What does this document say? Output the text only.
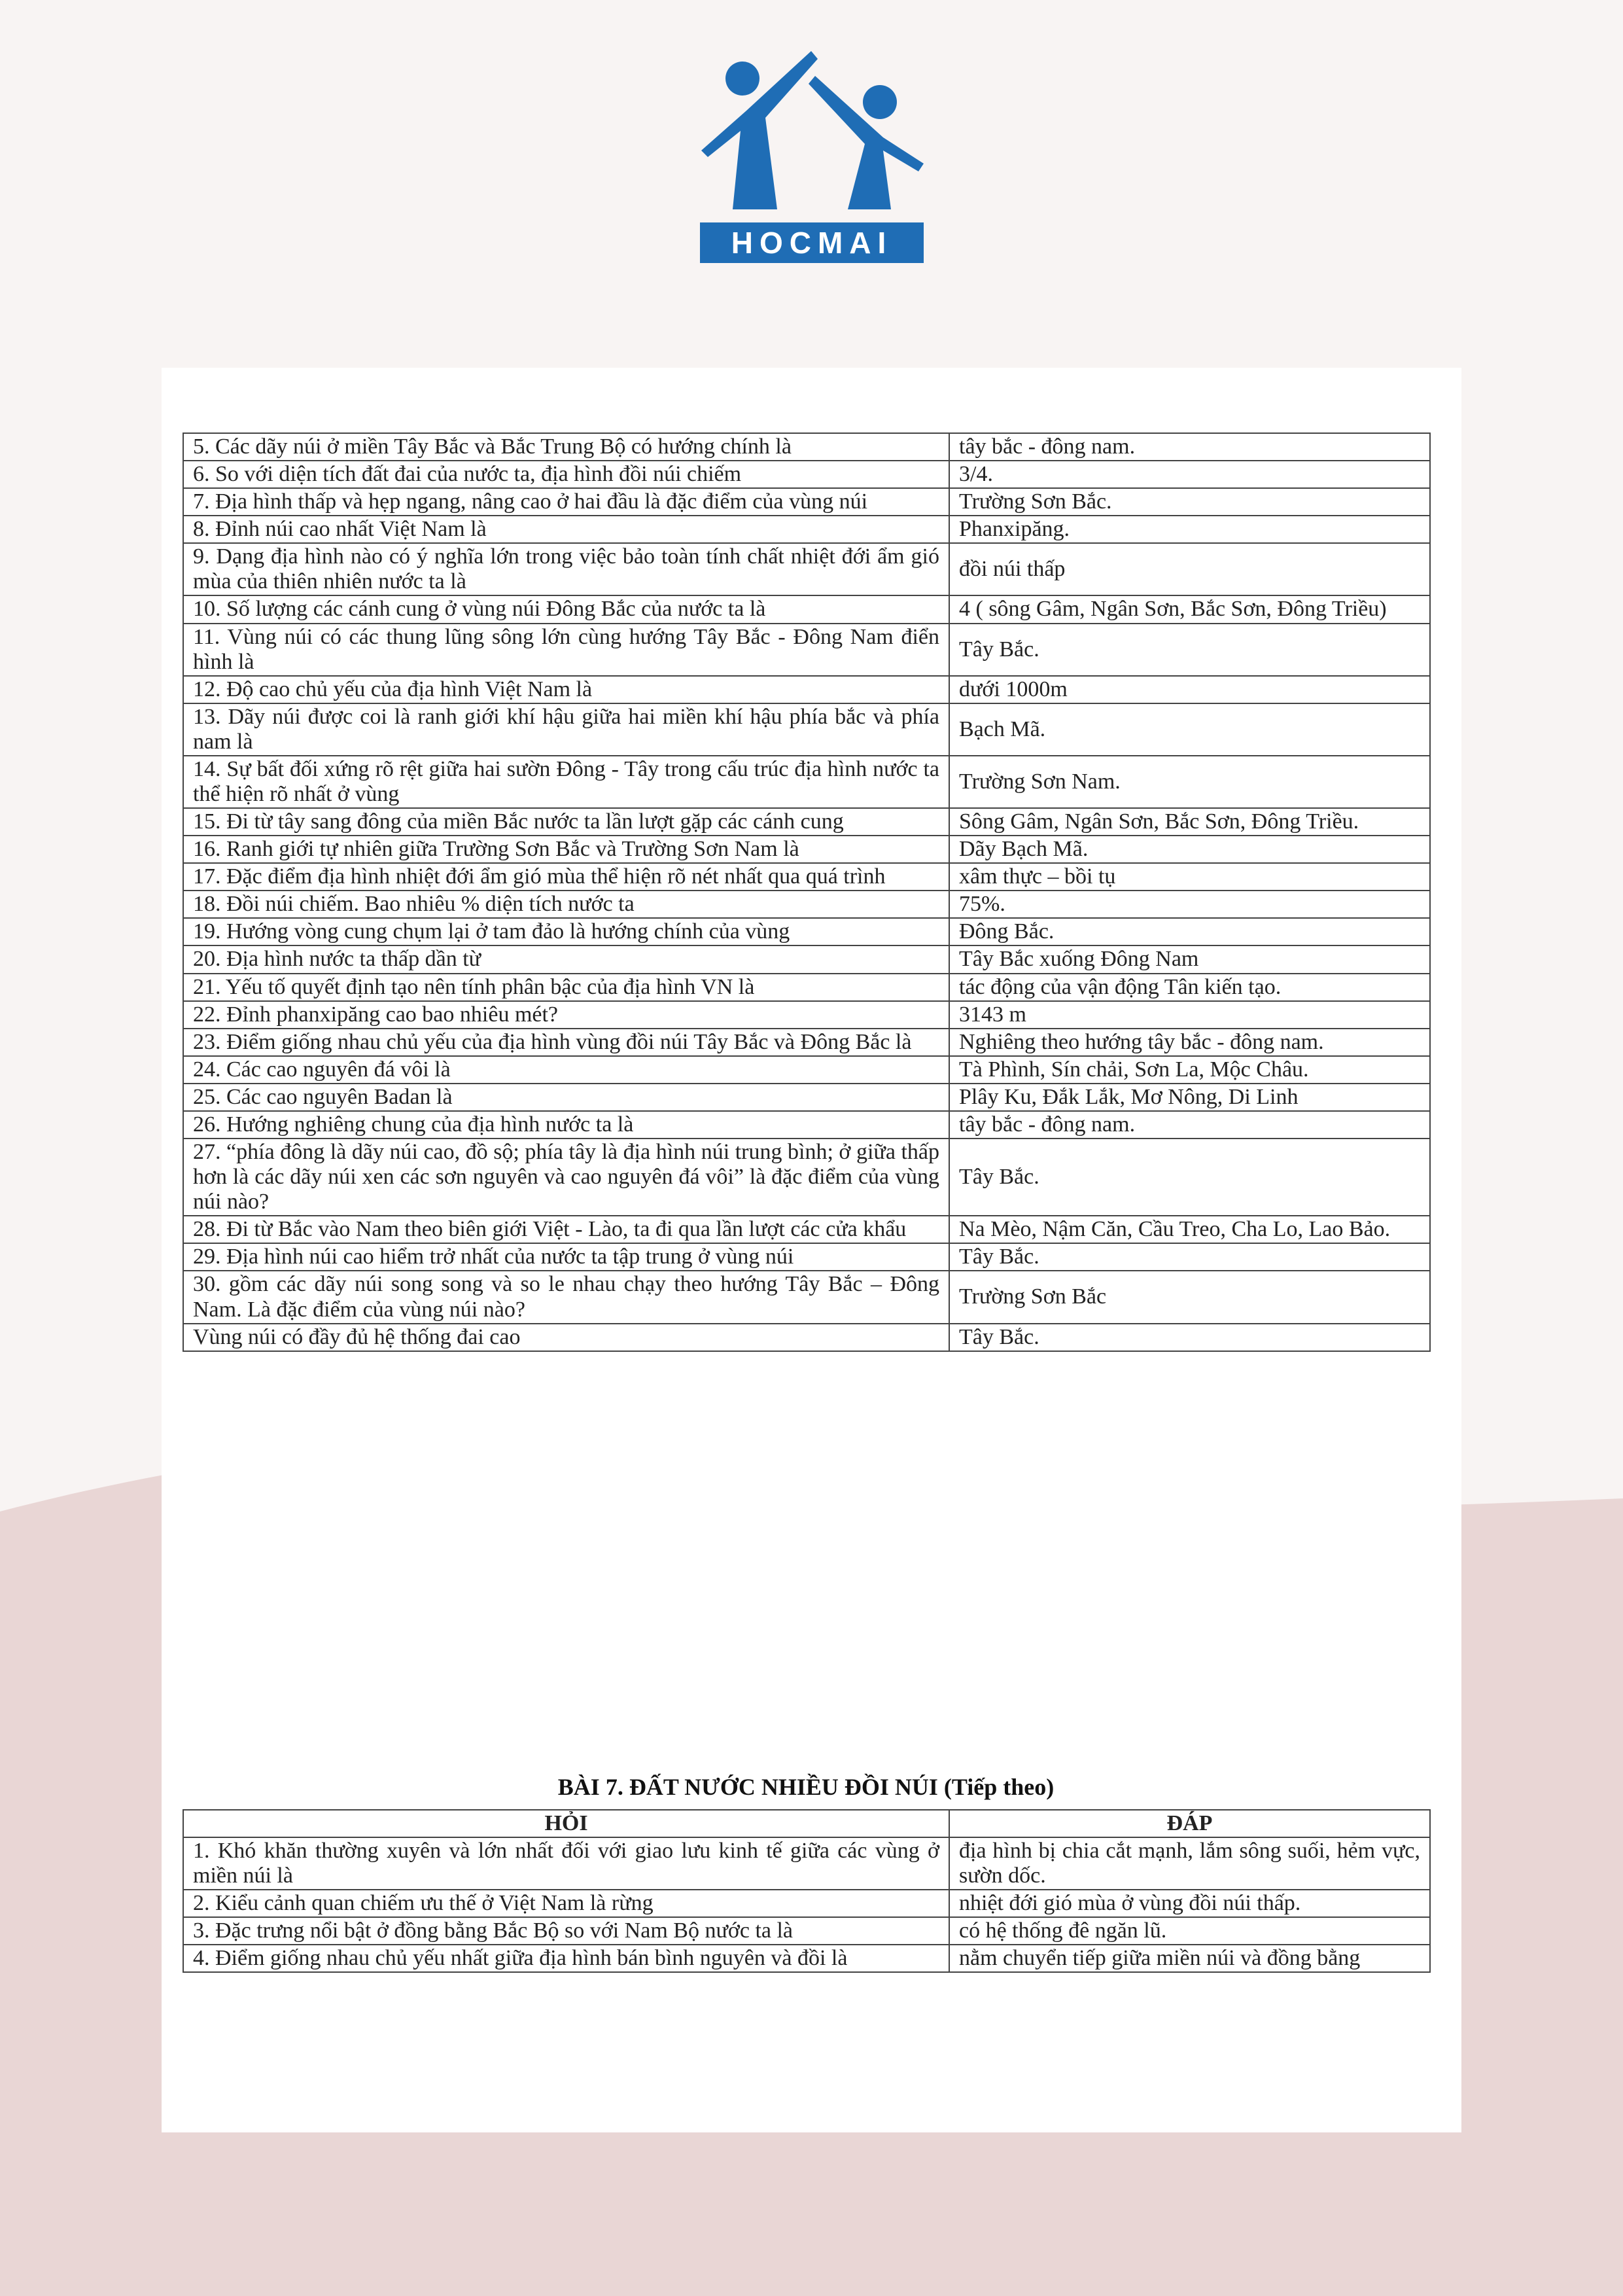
HOCMAI
5. Các dãy núi ở miền Tây Bắc và Bắc Trung Bộ có hướng chính là	tây bắc - đông nam.
6. So với diện tích đất đai của nước ta, địa hình đồi núi chiếm	3/4.
7. Địa hình thấp và hẹp ngang, nâng cao ở hai đầu là đặc điểm của vùng núi	Trường Sơn Bắc.
8. Đỉnh núi cao nhất Việt Nam là	Phanxipăng.
9. Dạng địa hình nào có ý nghĩa lớn trong việc bảo toàn tính chất nhiệt đới ẩm gió mùa của thiên nhiên nước ta là	đồi núi thấp
10. Số lượng các cánh cung ở vùng núi Đông Bắc của nước ta là	4 ( sông Gâm, Ngân Sơn, Bắc Sơn, Đông Triều)
11. Vùng núi có các thung lũng sông lớn cùng hướng Tây Bắc - Đông Nam điển hình là	Tây Bắc.
12. Độ cao chủ yếu của địa hình Việt Nam là	dưới 1000m
13. Dãy núi được coi là ranh giới khí hậu giữa hai miền khí hậu phía bắc và phía nam là	Bạch Mã.
14. Sự bất đối xứng rõ rệt giữa hai sườn Đông - Tây trong cấu trúc địa hình nước ta thể hiện rõ nhất ở vùng	Trường Sơn Nam.
15. Đi từ tây sang đông của miền Bắc nước ta lần lượt gặp các cánh cung	Sông Gâm, Ngân Sơn, Bắc Sơn, Đông Triều.
16. Ranh giới tự nhiên giữa Trường Sơn Bắc và Trường Sơn Nam là	Dãy Bạch Mã.
17. Đặc điểm địa hình nhiệt đới ẩm gió mùa thể hiện rõ nét nhất qua quá trình	xâm thực – bồi tụ
18. Đồi núi chiếm. Bao nhiêu % diện tích nước ta	75%.
19. Hướng vòng cung chụm lại ở tam đảo là hướng chính của vùng	Đông Bắc.
20. Địa hình nước ta thấp dần từ	Tây Bắc xuống Đông Nam
21. Yếu tố quyết định tạo nên tính phân bậc của địa hình VN là	tác động của vận động Tân kiến tạo.
22. Đỉnh phanxipăng cao bao nhiêu mét?	3143 m
23. Điểm giống nhau chủ yếu của địa hình vùng đồi núi Tây Bắc và Đông Bắc là	Nghiêng theo hướng tây bắc - đông nam.
24. Các cao nguyên đá vôi là	Tà Phình, Sín chải, Sơn La, Mộc Châu.
25. Các cao nguyên Badan là	Plây Ku, Đắk Lắk, Mơ Nông, Di Linh
26. Hướng nghiêng chung của địa hình nước ta là	tây bắc - đông nam.
27. “phía đông là dãy núi cao, đồ sộ; phía tây là địa hình núi trung bình; ở giữa thấp hơn là các dãy núi xen các sơn nguyên và cao nguyên đá vôi” là đặc điểm của vùng núi nào?	Tây Bắc.
28. Đi từ Bắc vào Nam theo biên giới Việt - Lào, ta đi qua lần lượt các cửa khẩu	Na Mèo, Nậm Căn, Cầu Treo, Cha Lo, Lao Bảo.
29. Địa hình núi cao hiểm trở nhất của nước ta tập trung ở vùng núi	Tây Bắc.
30. gồm các dãy núi song song và so le nhau chạy theo hướng Tây Bắc – Đông Nam. Là đặc điểm của vùng núi nào?	Trường Sơn Bắc
Vùng núi có đầy đủ hệ thống đai cao	Tây Bắc.
BÀI 7. ĐẤT NƯỚC NHIỀU ĐỒI NÚI (Tiếp theo)
HỎI	ĐÁP
1. Khó khăn thường xuyên và lớn nhất đối với giao lưu kinh tế giữa các vùng ở miền núi là	địa hình bị chia cắt mạnh, lắm sông suối, hẻm vực, sườn dốc.
2. Kiểu cảnh quan chiếm ưu thế ở Việt Nam là rừng	nhiệt đới gió mùa ở vùng đồi núi thấp.
3. Đặc trưng nổi bật ở đồng bằng Bắc Bộ so với Nam Bộ nước ta là	có hệ thống đê ngăn lũ.
4. Điểm giống nhau chủ yếu nhất giữa địa hình bán bình nguyên và đồi là	nằm chuyển tiếp giữa miền núi và đồng bằng
